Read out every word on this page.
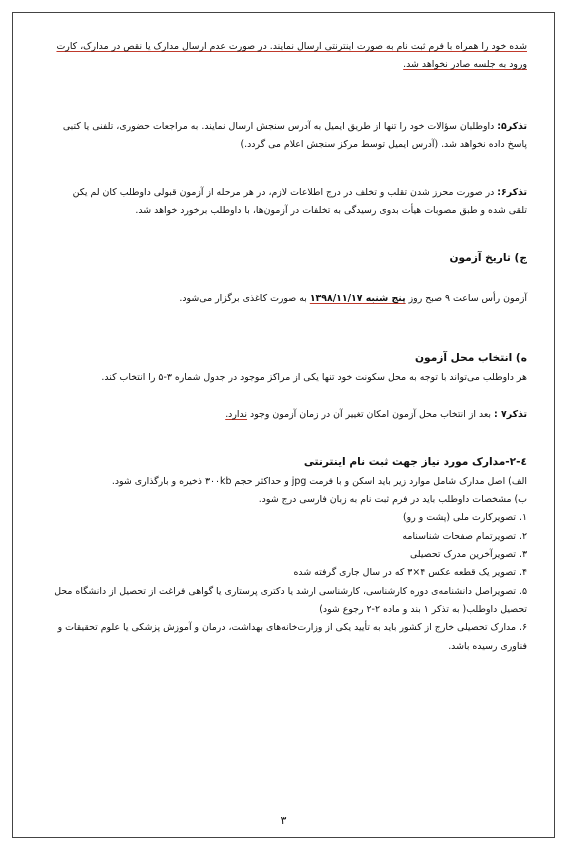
شده خود را همراه با فرم ثبت نام به صورت اینترنتی ارسال نمایند. در صورت عدم ارسال مدارک یا نقص در مدارک، کارت

ورود به جلسه صادر نخواهد شد.

تذکر۵: داوطلبان سؤالات خود را تنها از طریق ایمیل به آدرس سنجش ارسال نمایند. به مراجعات حضوری، تلفنی یا کتبی

پاسخ داده نخواهد شد. (آدرس ایمیل توسط مرکز سنجش اعلام می گردد.)

تذکر۶: در صورت محرز شدن تقلب و تخلف در درج اطلاعات لازم، در هر مرحله از آزمون قبولی داوطلب کان لم یکن

تلقی شده و طبق مصوبات هیأت بدوی رسیدگی به تخلفات در آزمون‌ها، با داوطلب برخورد خواهد شد.

ج) تاریخ آزمون

آزمون رأس ساعت ۹ صبح روز پنج شنبه ۱۳۹۸/۱۱/۱۷ به صورت کاغذی برگزار می‌شود.

ه) انتخاب محل آزمون

هر داوطلب می‌تواند با توجه به محل سکونت خود تنها یکی از مراکز موجود در جدول شماره ۳-۵ را انتخاب کند.

تذکر۷ : بعد از انتخاب محل آزمون امکان تغییر آن در زمان آزمون وجود ندارد.

٤-۲-مدارک مورد نیاز جهت ثبت نام اینترنتی

الف) اصل مدارک شامل موارد زیر باید اسکن و با فرمت jpg و حداکثر حجم ۳۰۰kb ذخیره و بارگذاری شود.

ب) مشخصات داوطلب باید در فرم ثبت نام به زبان فارسی درج شود.

۱. تصویرکارت ملی (پشت و رو)

۲. تصویرتمام صفحات شناسنامه

۳. تصویرآخرین مدرک تحصیلی

۴. تصویر یک قطعه عکس ۴×۳ که در سال جاری گرفته شده

۵. تصویراصل دانشنامه‌ی دوره کارشناسی، کارشناسی ارشد یا دکتری پرستاری یا گواهی فراغت از تحصیل از دانشگاه محل

تحصیل داوطلب( به تذکر ۱ بند و ماده ۲-۲ رجوع شود)

۶. مدارک تحصیلی خارج از کشور باید به تأیید یکی از وزارت‌خانه‌های بهداشت، درمان و آموزش پزشکی یا علوم تحقیقات و

فناوری رسیده باشد.

۳
